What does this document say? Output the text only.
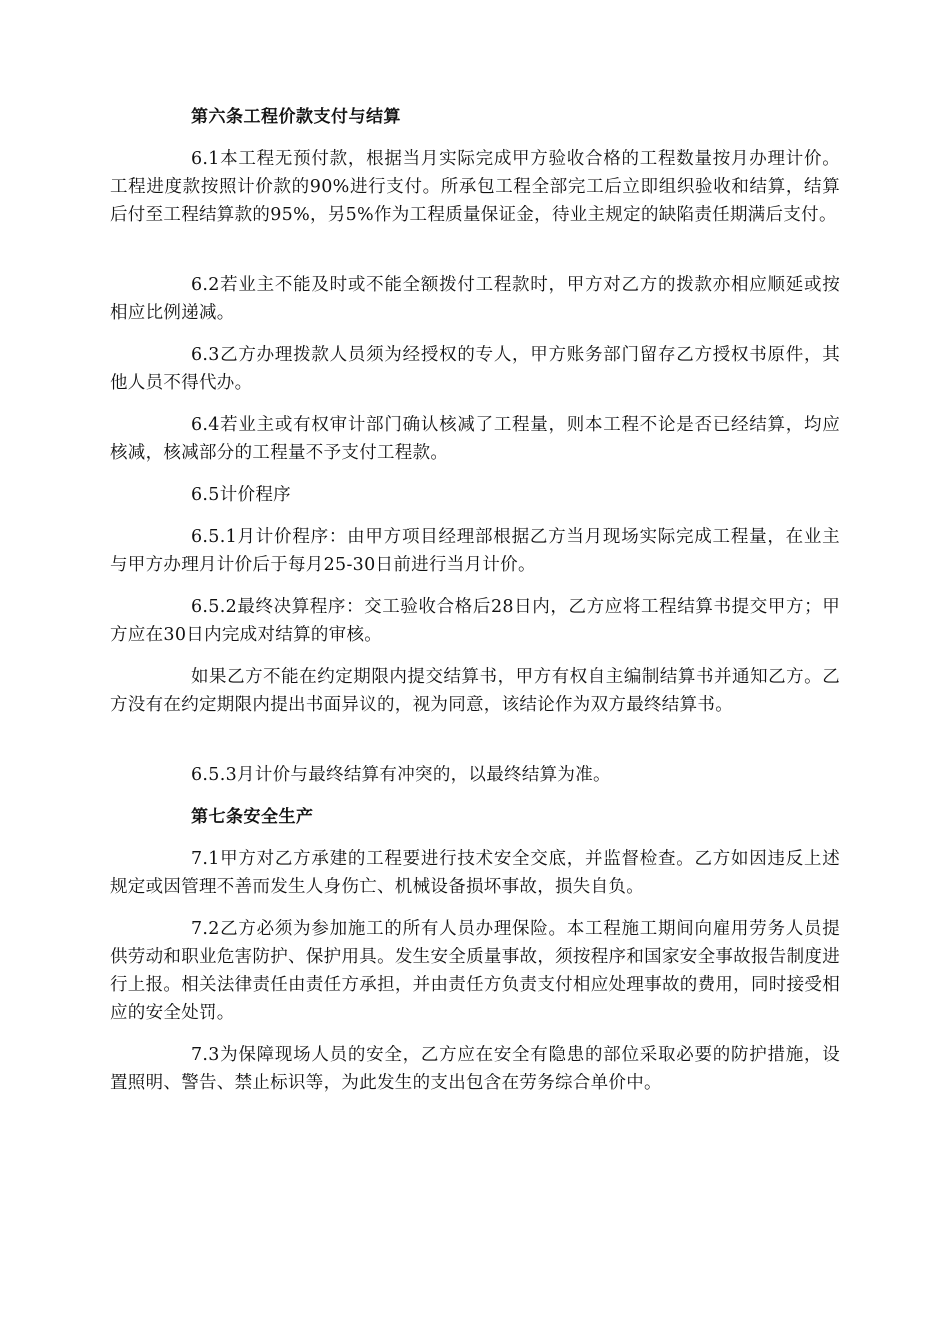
第六条工程价款支付与结算

6.1本工程无预付款，根据当月实际完成甲方验收合格的工程数量按月办理计价。工程进度款按照计价款的90%进行支付。所承包工程全部完工后立即组织验收和结算，结算后付至工程结算款的95%，另5%作为工程质量保证金，待业主规定的缺陷责任期满后支付。

6.2若业主不能及时或不能全额拨付工程款时，甲方对乙方的拨款亦相应顺延或按相应比例递减。

6.3乙方办理拨款人员须为经授权的专人，甲方账务部门留存乙方授权书原件，其他人员不得代办。

6.4若业主或有权审计部门确认核减了工程量，则本工程不论是否已经结算，均应核减，核减部分的工程量不予支付工程款。

6.5计价程序

6.5.1月计价程序：由甲方项目经理部根据乙方当月现场实际完成工程量，在业主与甲方办理月计价后于每月25-30日前进行当月计价。

6.5.2最终决算程序：交工验收合格后28日内，乙方应将工程结算书提交甲方；甲方应在30日内完成对结算的审核。

如果乙方不能在约定期限内提交结算书，甲方有权自主编制结算书并通知乙方。乙方没有在约定期限内提出书面异议的，视为同意，该结论作为双方最终结算书。

6.5.3月计价与最终结算有冲突的，以最终结算为准。

第七条安全生产

7.1甲方对乙方承建的工程要进行技术安全交底，并监督检查。乙方如因违反上述规定或因管理不善而发生人身伤亡、机械设备损坏事故，损失自负。

7.2乙方必须为参加施工的所有人员办理保险。本工程施工期间向雇用劳务人员提供劳动和职业危害防护、保护用具。发生安全质量事故，须按程序和国家安全事故报告制度进行上报。相关法律责任由责任方承担，并由责任方负责支付相应处理事故的费用，同时接受相应的安全处罚。

7.3为保障现场人员的安全，乙方应在安全有隐患的部位采取必要的防护措施，设置照明、警告、禁止标识等，为此发生的支出包含在劳务综合单价中。
